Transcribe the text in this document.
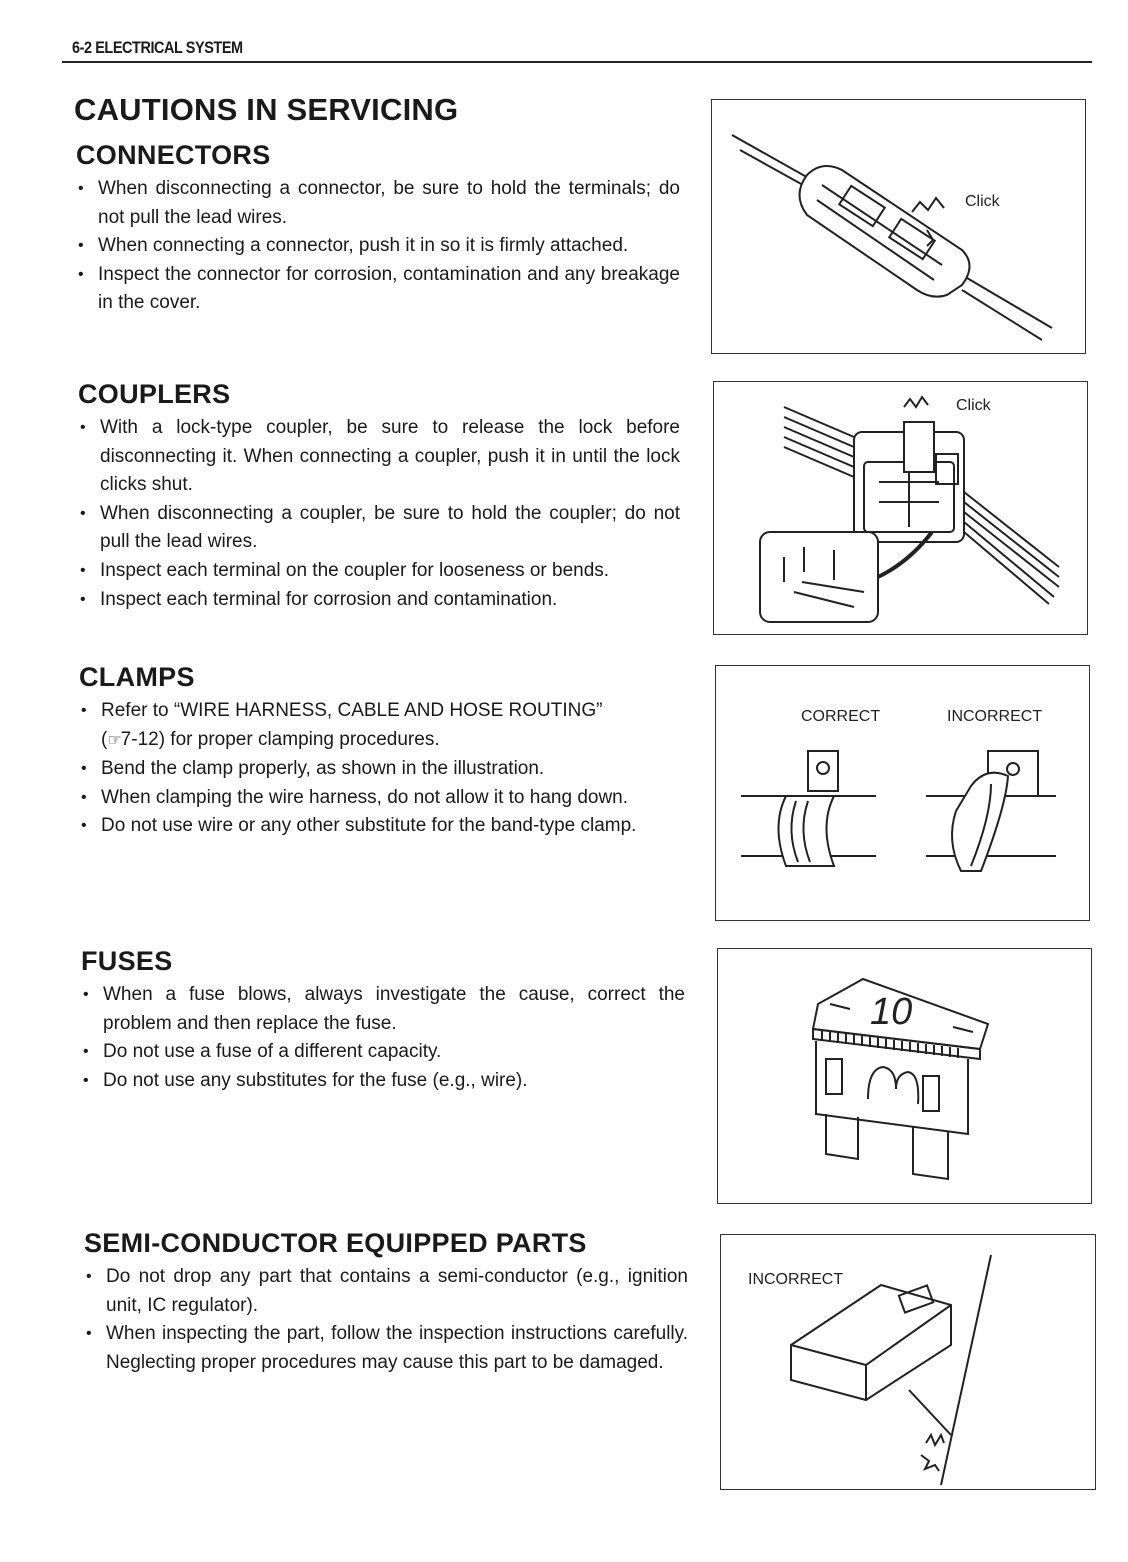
6-2 ELECTRICAL SYSTEM
CAUTIONS IN SERVICING
CONNECTORS
• When disconnecting a connector, be sure to hold the terminals; do not pull the lead wires.
• When connecting a connector, push it in so it is firmly attached.
• Inspect the connector for corrosion, contamination and any breakage in the cover.
COUPLERS
• With a lock-type coupler, be sure to release the lock before disconnecting it. When connecting a coupler, push it in until the lock clicks shut.
• When disconnecting a coupler, be sure to hold the coupler; do not pull the lead wires.
• Inspect each terminal on the coupler for looseness or bends.
• Inspect each terminal for corrosion and contamination.
CLAMPS
• Refer to “WIRE HARNESS, CABLE AND HOSE ROUTING”
(☞7-12) for proper clamping procedures.
• Bend the clamp properly, as shown in the illustration.
• When clamping the wire harness, do not allow it to hang down.
• Do not use wire or any other substitute for the band-type clamp.
FUSES
• When a fuse blows, always investigate the cause, correct the problem and then replace the fuse.
• Do not use a fuse of a different capacity.
• Do not use any substitutes for the fuse (e.g., wire).
SEMI-CONDUCTOR EQUIPPED PARTS
• Do not drop any part that contains a semi-conductor (e.g., ignition unit, IC regulator).
• When inspecting the part, follow the inspection instructions carefully. Neglecting proper procedures may cause this part to be damaged.
Click
Click
CORRECT	INCORRECT
10
INCORRECT
